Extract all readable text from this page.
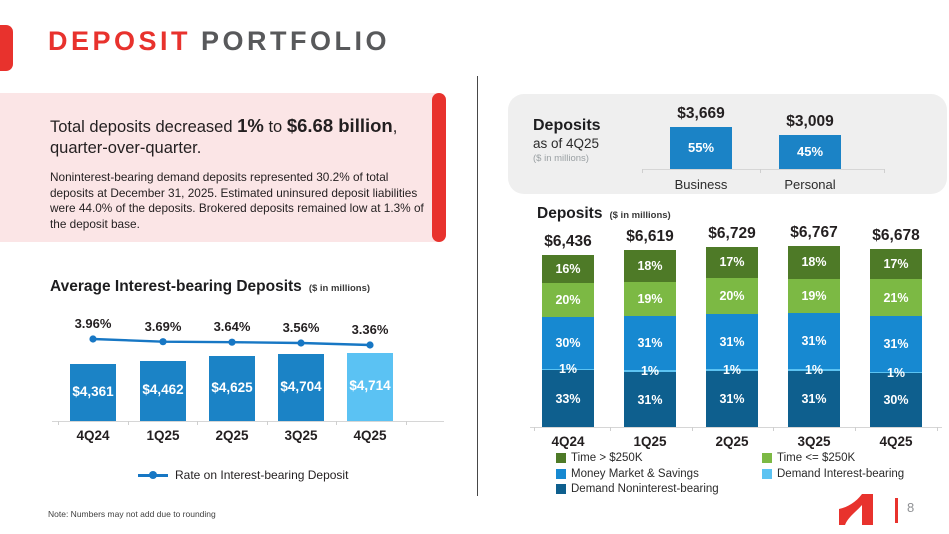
DEPOSIT PORTFOLIO
Total deposits decreased 1% to $6.68 billion,
quarter-over-quarter.
Noninterest-bearing demand deposits represented 30.2% of total deposits at December 31, 2025. Estimated uninsured deposit liabilities were 44.0% of the deposits. Brokered deposits remained low at 1.3% of the deposit base.
Average Interest-bearing Deposits ($ in millions)
$4,361
4Q24
3.96%
$4,462
1Q25
3.69%
$4,625
2Q25
3.64%
$4,704
3Q25
3.56%
$4,714
4Q25
3.36%
Rate on Interest-bearing Deposit
Note: Numbers may not add due to rounding
Deposits
as of 4Q25
($ in millions)
$3,669
55%
Business
$3,009
45%
Personal
Deposits ($ in millions)
$6,436
4Q24
33%
1%
30%
20%
16%
$6,619
1Q25
31%
1%
31%
19%
18%
$6,729
2Q25
31%
1%
31%
20%
17%
$6,767
3Q25
31%
1%
31%
19%
18%
$6,678
4Q25
30%
1%
31%
21%
17%
Time > $250K	Time <= $250K
Money Market & Savings	Demand Interest-bearing
Demand Noninterest-bearing
8
